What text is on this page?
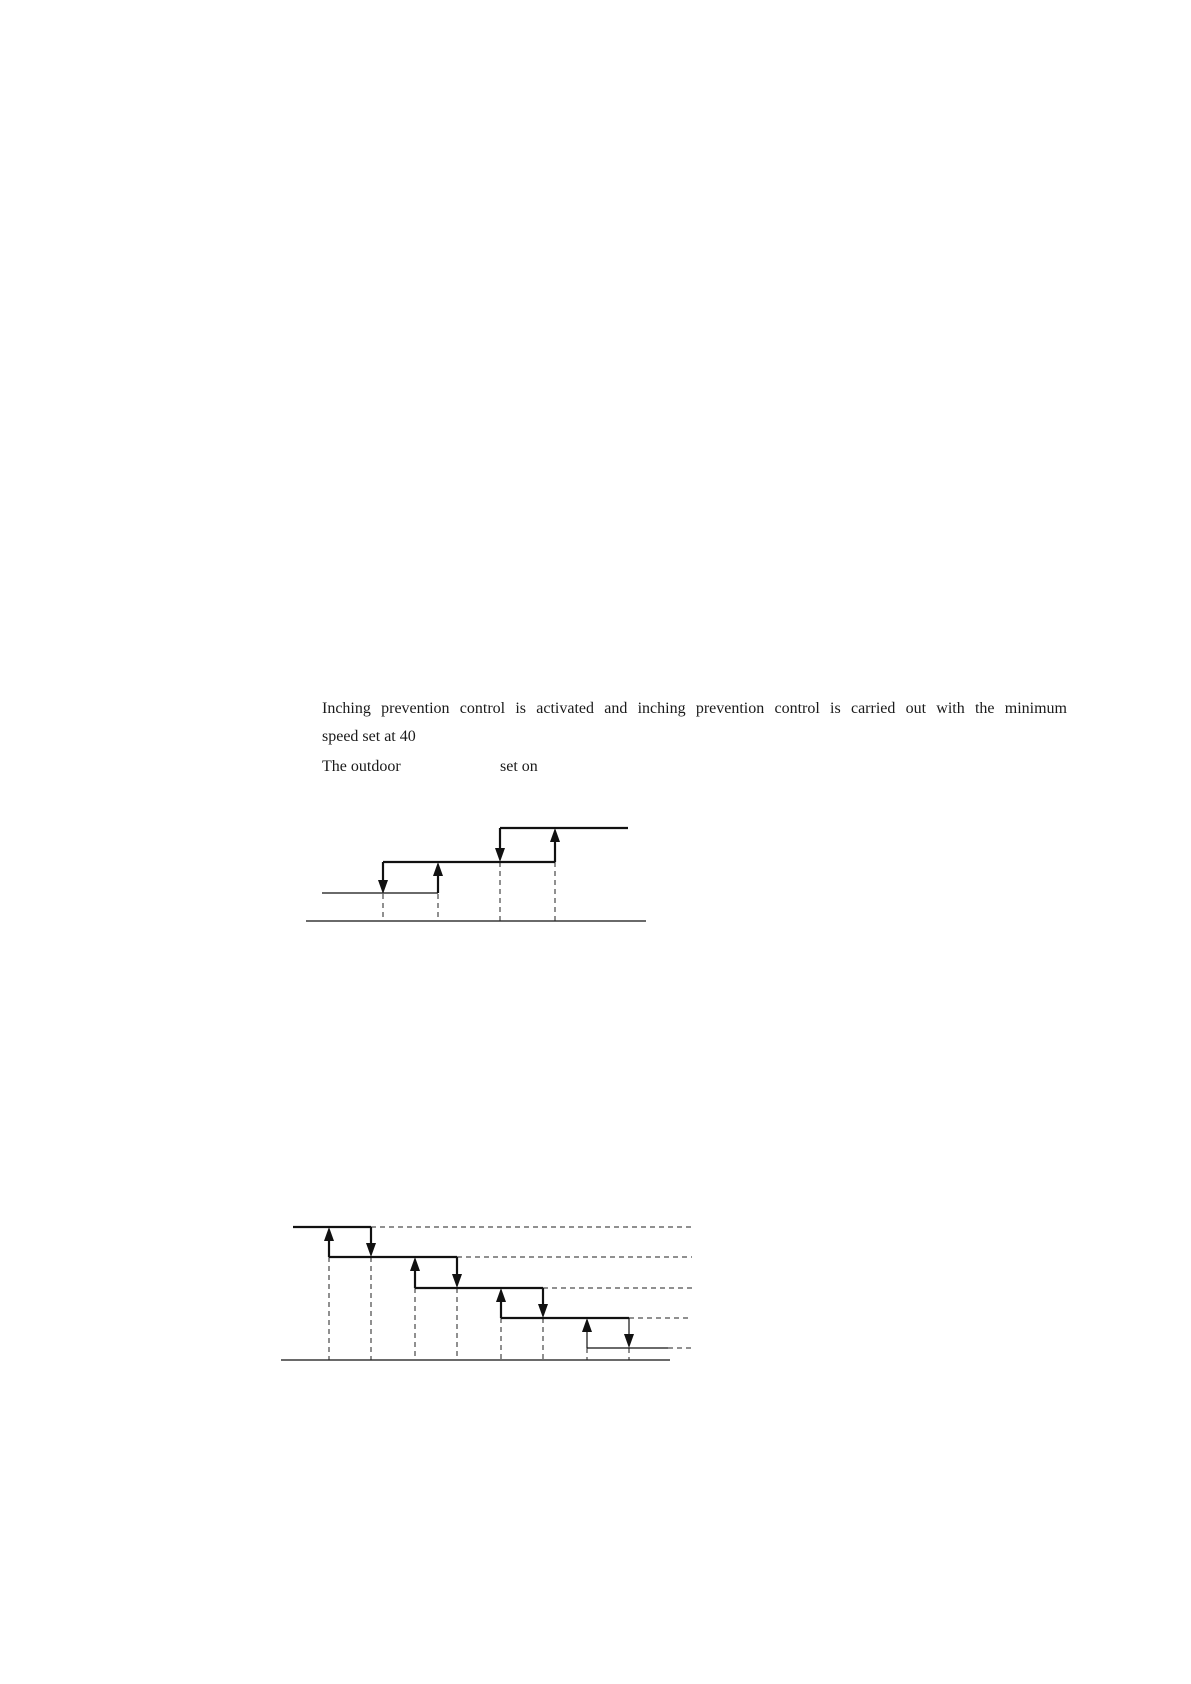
Inching prevention control is activated and inching prevention control is carried out with the minimum
speed set at 40
The outdoor	set on
